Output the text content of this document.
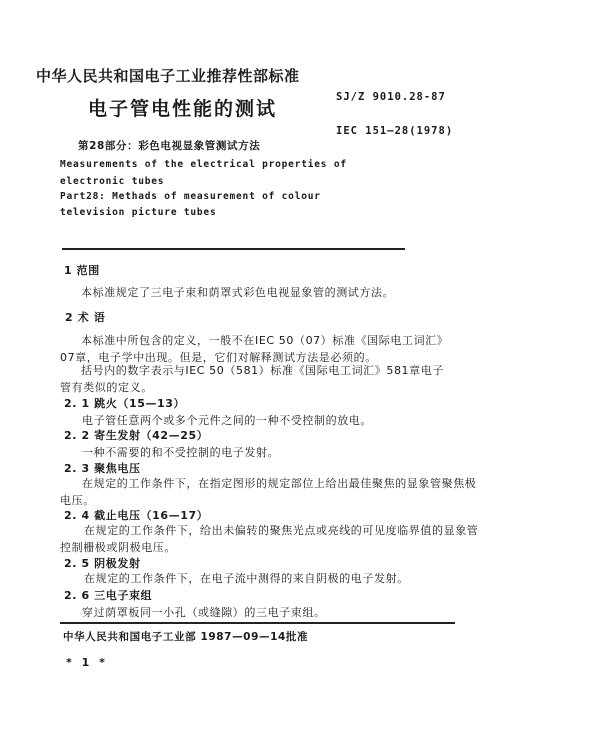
中华人民共和国电子工业推荐性部标准
电子管电性能的测试
SJ/Z 9010.28-87
IEC 151—28(1978)
第28部分：彩色电视显象管测试方法
Measurements of the electrical properties of
electronic tubes
Part28: Methads of measurement of colour
television picture tubes
1 范围
本标准规定了三电子束和荫罩式彩色电视显象管的测试方法。
2 术 语
本标准中所包含的定义，一般不在IEC 50（07）标准《国际电工词汇》
07章，电子学中出现。但是，它们对解释测试方法是必须的。
括号内的数字表示与IEC 50（581）标准《国际电工词汇》581章电子
管有类似的定义。
2. 1 跳火（15—13）
电子管任意两个或多个元件之间的一种不受控制的放电。
2. 2 寄生发射（42—25）
一种不需要的和不受控制的电子发射。
2. 3 聚焦电压
在规定的工作条件下，在指定图形的规定部位上给出最佳聚焦的显象管聚焦极
电压。
2. 4 截止电压（16—17）
在规定的工作条件下，给出未偏转的聚焦光点或亮线的可见度临界值的显象管
控制栅极或阴极电压。
2. 5 阴极发射
在规定的工作条件下，在电子流中测得的来自阴极的电子发射。
2. 6 三电子束组
穿过荫罩板同一小孔（或缝隙）的三电子束组。
中华人民共和国电子工业部 1987—09—14批准
* 1 *
